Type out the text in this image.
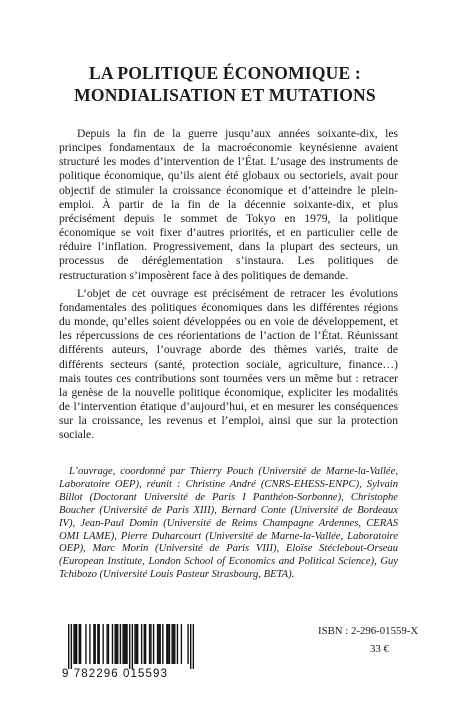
LA POLITIQUE ÉCONOMIQUE :
MONDIALISATION ET MUTATIONS

Depuis la fin de la guerre jusqu’aux années soixante-dix, les principes fondamentaux de la macroéconomie keynésienne avaient structuré les modes d’intervention de l’État. L’usage des instruments de politique économique, qu’ils aient été globaux ou sectoriels, avait pour objectif de stimuler la croissance économique et d’atteindre le plein-emploi. À partir de la fin de la décennie soixante-dix, et plus précisément depuis le sommet de Tokyo en 1979, la politique économique se voit fixer d’autres priorités, et en particulier celle de réduire l’inflation. Progressivement, dans la plupart des secteurs, un processus de déréglementation s’instaura. Les politiques de restructuration s’imposèrent face à des politiques de demande.

L’objet de cet ouvrage est précisément de retracer les évolutions fondamentales des politiques économiques dans les différentes régions du monde, qu’elles soient développées ou en voie de développement, et les répercussions de ces réorientations de l’action de l’État. Réunissant différents auteurs, l’ouvrage aborde des thèmes variés, traite de différents secteurs (santé, protection sociale, agriculture, finance…) mais toutes ces contributions sont tournées vers un même but : retracer la genèse de la nouvelle politique économique, expliciter les modalités de l’intervention étatique d’aujourd’hui, et en mesurer les conséquences sur la croissance, les revenus et l’emploi, ainsi que sur la protection sociale.

L’ouvrage, coordonné par Thierry Pouch (Université de Marne-la-Vallée, Laboratoire OEP), réunit : Christine André (CNRS-EHESS-ENPC), Sylvain Billot (Doctorant Université de Paris I Panthéon-Sorbonne), Christophe Boucher (Université de Paris XIII), Bernard Conte (Université de Bordeaux IV), Jean-Paul Domin (Université de Reims Champagne Ardennes, CERAS OMI LAME), Pierre Duharcourt (Université de Marne-la-Vallée, Laboratoire OEP), Marc Morin (Université de Paris VIII), Eloïse Stéclebout-Orseau (European Institute, London School of Economics and Political Science), Guy Tchibozo (Université Louis Pasteur Strasbourg, BETA).

9 782296 015593
ISBN : 2-296-01559-X
33 €
